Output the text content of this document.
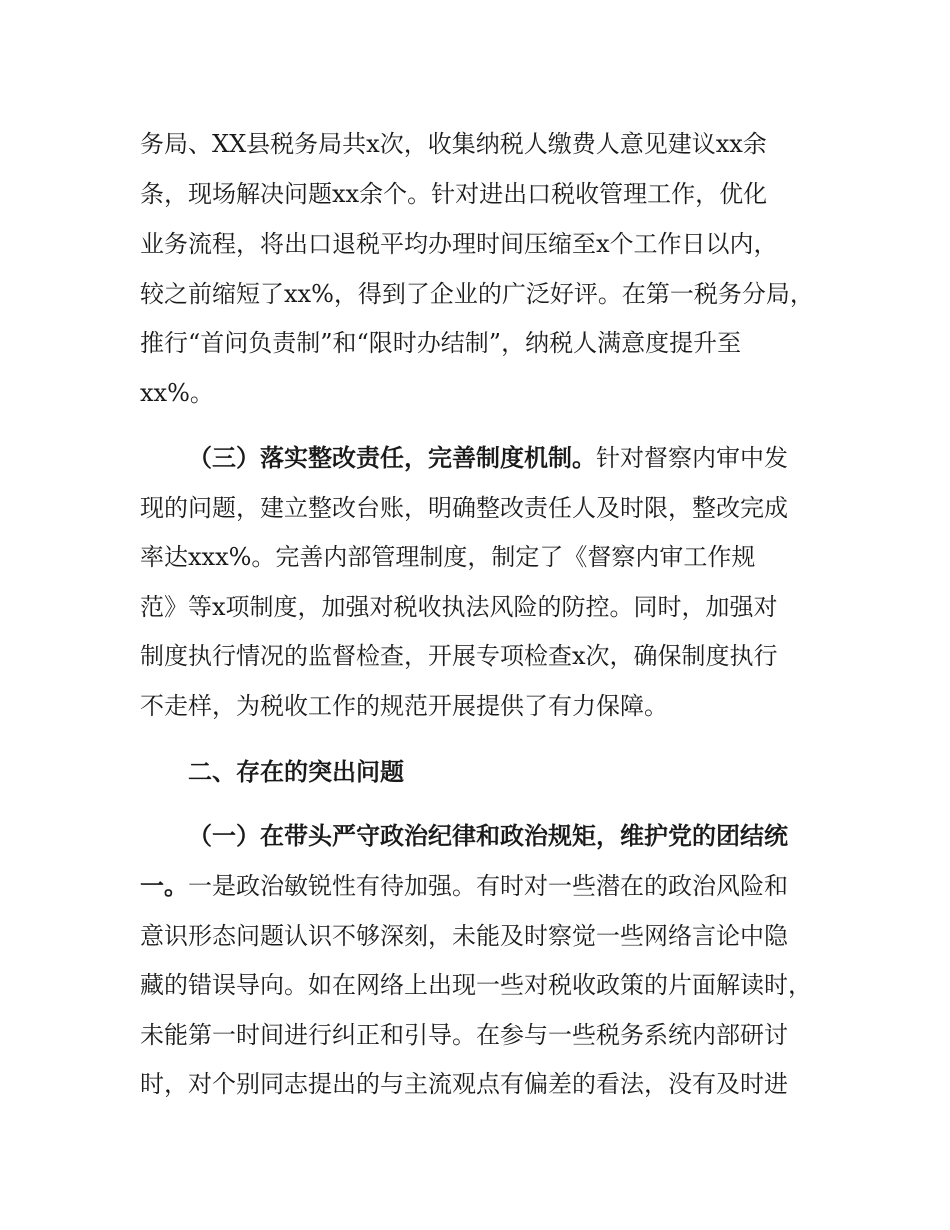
务局、XX县税务局共x次，收集纳税人缴费人意见建议xx余
条，现场解决问题xx余个。针对进出口税收管理工作，优化
业务流程，将出口退税平均办理时间压缩至x个工作日以内，
较之前缩短了xx%，得到了企业的广泛好评。在第一税务分局，
推行“首问负责制”和“限时办结制”，纳税人满意度提升至
xx%。
（三）落实整改责任，完善制度机制。针对督察内审中发
现的问题，建立整改台账，明确整改责任人及时限，整改完成
率达xxx%。完善内部管理制度，制定了《督察内审工作规
范》等x项制度，加强对税收执法风险的防控。同时，加强对
制度执行情况的监督检查，开展专项检查x次，确保制度执行
不走样，为税收工作的规范开展提供了有力保障。
二、存在的突出问题
（一）在带头严守政治纪律和政治规矩，维护党的团结统
一。一是政治敏锐性有待加强。有时对一些潜在的政治风险和
意识形态问题认识不够深刻，未能及时察觉一些网络言论中隐
藏的错误导向。如在网络上出现一些对税收政策的片面解读时，
未能第一时间进行纠正和引导。在参与一些税务系统内部研讨
时，对个别同志提出的与主流观点有偏差的看法，没有及时进
